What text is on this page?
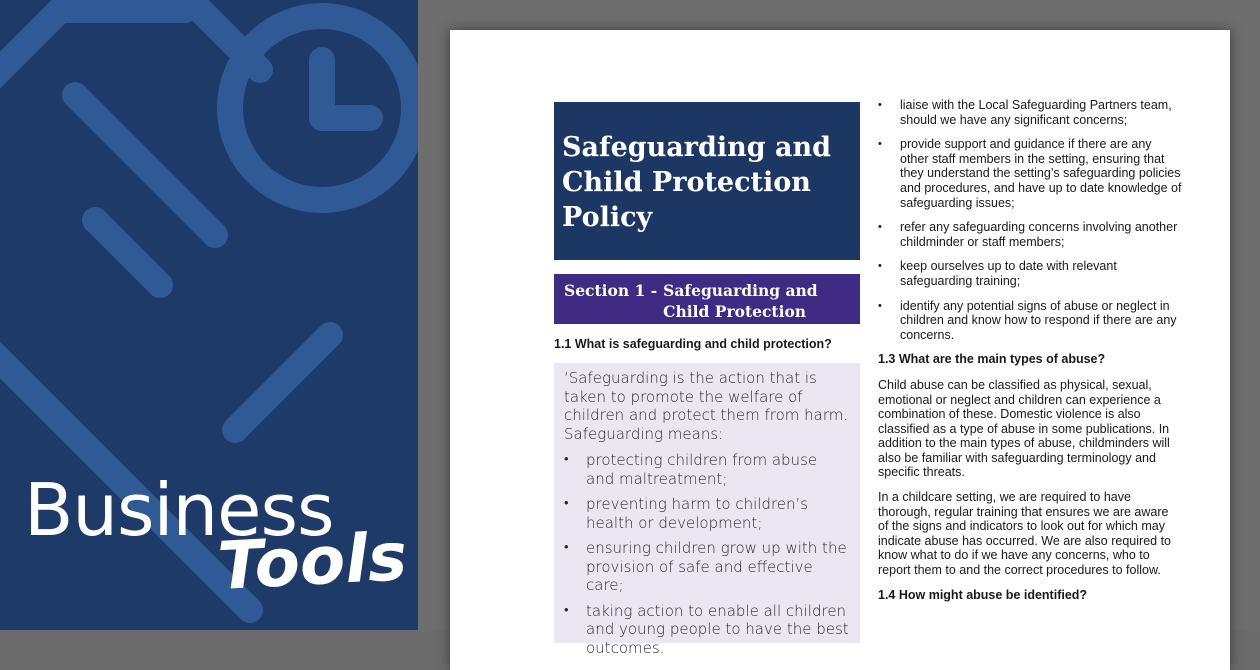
Business
Tools
Safeguarding and Child Protection Policy
Section 1 - Safeguarding and Child Protection
1.1 What is safeguarding and child protection?
‘Safeguarding is the action that is taken to promote the welfare of children and protect them from harm. Safeguarding means:
• protecting children from abuse and maltreatment;
• preventing harm to children’s health or development;
• ensuring children grow up with the provision of safe and effective care;
• taking action to enable all children and young people to have the best outcomes.
• liaise with the Local Safeguarding Partners team, should we have any significant concerns;
• provide support and guidance if there are any other staff members in the setting, ensuring that they understand the setting’s safeguarding policies and procedures, and have up to date knowledge of safeguarding issues;
• refer any safeguarding concerns involving another childminder or staff members;
• keep ourselves up to date with relevant safeguarding training;
• identify any potential signs of abuse or neglect in children and know how to respond if there are any concerns.
1.3 What are the main types of abuse?

Child abuse can be classified as physical, sexual, emotional or neglect and children can experience a combination of these. Domestic violence is also classified as a type of abuse in some publications. In addition to the main types of abuse, childminders will also be familiar with safeguarding terminology and specific threats.

In a childcare setting, we are required to have thorough, regular training that ensures we are aware of the signs and indicators to look out for which may indicate abuse has occurred. We are also required to know what to do if we have any concerns, who to report them to and the correct procedures to follow.

1.4 How might abuse be identified?
